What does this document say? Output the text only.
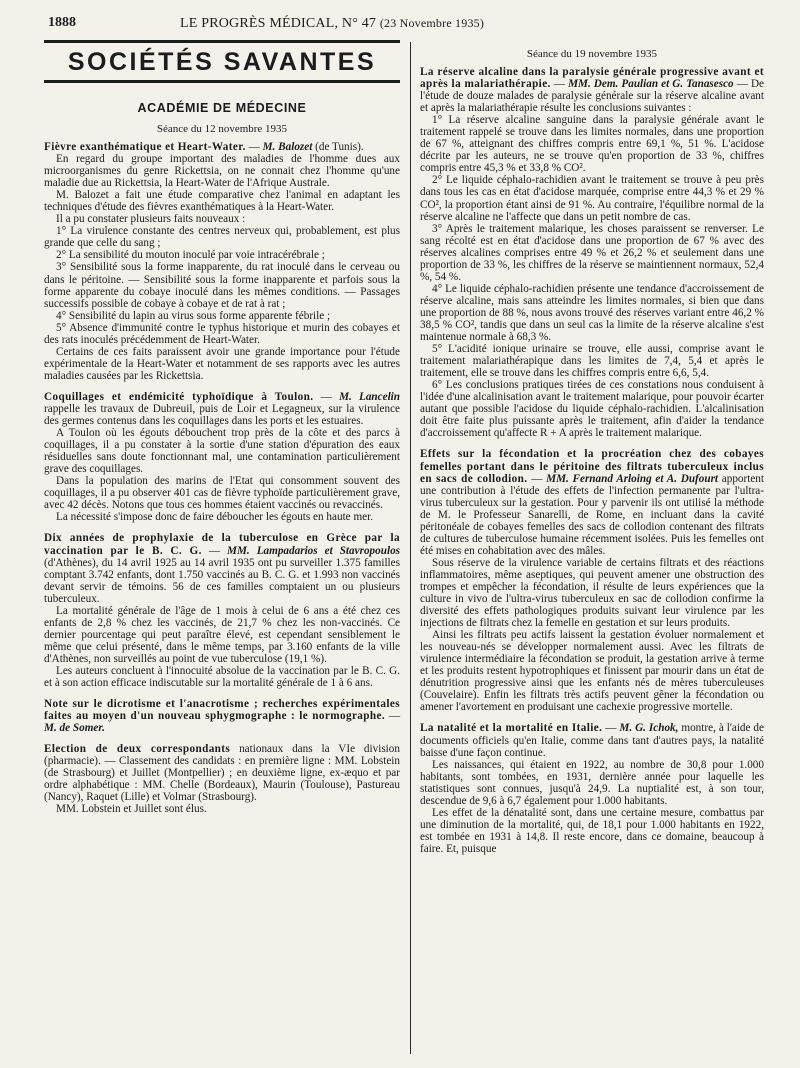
1888	LE PROGRÈS MÉDICAL, N° 47 (23 Novembre 1935)
SOCIÉTÉS SAVANTES
ACADÉMIE DE MÉDECINE
Séance du 12 novembre 1935

Fièvre exanthématique et Heart-Water. — M. Balozet (de Tunis).

En regard du groupe important des maladies de l'homme dues aux microorganismes du genre Rickettsia, on ne connait chez l'homme qu'une maladie due au Rickettsia, la Heart-Water de l'Afrique Australe.

M. Balozet a fait une étude comparative chez l'animal en adaptant les techniques d'étude des fièvres exanthématiques à la Heart-Water.

Il a pu constater plusieurs faits nouveaux :

1° La virulence constante des centres nerveux qui, probablement, est plus grande que celle du sang ;

2° La sensibilité du mouton inoculé par voie intracérébrale ;

3° Sensibilité sous la forme inapparente, du rat inoculé dans le cerveau ou dans le péritoine. — Sensibilité sous la forme inapparente et parfois sous la forme apparente du cobaye inoculé dans les mêmes conditions. — Passages successifs possible de cobaye à cobaye et de rat à rat ;

4° Sensibilité du lapin au virus sous forme apparente fébrile ;

5° Absence d'immunité contre le typhus historique et murin des cobayes et des rats inoculés précédemment de Heart-Water.

Certains de ces faits paraissent avoir une grande importance pour l'étude expérimentale de la Heart-Water et notamment de ses rapports avec les autres maladies causées par les Rickettsia.

Coquillages et endémicité typhoïdique à Toulon. — M. Lancelin rappelle les travaux de Dubreuil, puis de Loir et Legagneux, sur la virulence des germes contenus dans les coquillages dans les ports et les estuaires.

A Toulon où les égouts débouchent trop près de la côte et des parcs à coquillages, il a pu constater à la sortie d'une station d'épuration des eaux résiduelles sans doute fonctionnant mal, une contamination particulièrement grave des coquillages.

Dans la population des marins de l'Etat qui consomment souvent des coquillages, il a pu observer 401 cas de fièvre typhoïde particulièrement grave, avec 42 décès. Notons que tous ces hommes étaient vaccinés ou revaccinés.

La nécessité s'impose donc de faire déboucher les égouts en haute mer.

Dix années de prophylaxie de la tuberculose en Grèce par la vaccination par le B. C. G. — MM. Lampadarios et Stavropoulos (d'Athènes), du 14 avril 1925 au 14 avril 1935 ont pu surveiller 1.375 familles comptant 3.742 enfants, dont 1.750 vaccinés au B. C. G. et 1.993 non vaccinés devant servir de témoins. 56 de ces familles comptaient un ou plusieurs tuberculeux.

La mortalité générale de l'âge de 1 mois à celui de 6 ans a été chez ces enfants de 2,8 % chez les vaccinés, de 21,7 % chez les non-vaccinés. Ce dernier pourcentage qui peut paraître élevé, est cependant sensiblement le même que celui présenté, dans le même temps, par 3.160 enfants de la ville d'Athènes, non surveillés au point de vue tuberculose (19,1 %).

Les auteurs concluent à l'innocuité absolue de la vaccination par le B. C. G. et à son action efficace indiscutable sur la mortalité générale de 1 à 6 ans.

Note sur le dicrotisme et l'anacrotisme ; recherches expérimentales faites au moyen d'un nouveau sphygmographe : le normographe. — M. de Somer.

Election de deux correspondants nationaux dans la VIe division (pharmacie). — Classement des candidats : en première ligne : MM. Lobstein (de Strasbourg) et Juillet (Montpellier) ; en deuxième ligne, ex-æquo et par ordre alphabétique : MM. Chelle (Bordeaux), Maurin (Toulouse), Pastureau (Nancy), Raquet (Lille) et Volmar (Strasbourg).

MM. Lobstein et Juillet sont élus.

Séance du 19 novembre 1935

La réserve alcaline dans la paralysie générale progressive avant et après la malariathérapie. — MM. Dem. Paulian et G. Tanasesco — De l'étude de douze malades de paralysie générale sur la réserve alcaline avant et après la malariathérapie résulte les conclusions suivantes :

1° La réserve alcaline sanguine dans la paralysie générale avant le traitement rappelé se trouve dans les limites normales, dans une proportion de 67 %, atteignant des chiffres compris entre 69,1 %, 51 %. L'acidose décrite par les auteurs, ne se trouve qu'en proportion de 33 %, chiffres compris entre 45,3 % et 33,8 % CO².

2° Le liquide céphalo-rachidien avant le traitement se trouve à peu près dans tous les cas en état d'acidose marquée, comprise entre 44,3 % et 29 % CO², la proportion étant ainsi de 91 %. Au contraire, l'équilibre normal de la réserve alcaline ne l'affecte que dans un petit nombre de cas.

3° Après le traitement malarique, les choses paraissent se renverser. Le sang récolté est en état d'acidose dans une proportion de 67 % avec des réserves alcalines comprises entre 49 % et 26,2 % et seulement dans une proportion de 33 %, les chiffres de la réserve se maintiennent normaux, 52,4 %, 54 %.

4° Le liquide céphalo-rachidien présente une tendance d'accroissement de réserve alcaline, mais sans atteindre les limites normales, si bien que dans une proportion de 88 %, nous avons trouvé des réserves variant entre 46,2 % 38,5 % CO², tandis que dans un seul cas la limite de la réserve alcaline s'est maintenue normale à 68,3 %.

5° L'acidité ionique urinaire se trouve, elle aussi, comprise avant le traitement malariathérapique dans les limites de 7,4, 5,4 et après le traitement, elle se trouve dans les chiffres compris entre 6,6, 5,4.

6° Les conclusions pratiques tirées de ces constations nous conduisent à l'idée d'une alcalinisation avant le traitement malarique, pour pouvoir écarter autant que possible l'acidose du liquide céphalo-rachidien. L'alcalinisation doit être faite plus puissante après le traitement, afin d'aider la tendance d'accroissement qu'affecte R + A après le traitement malarique.

Effets sur la fécondation et la procréation chez des cobayes femelles portant dans le péritoine des filtrats tuberculeux inclus en sacs de collodion. — MM. Fernand Arloing et A. Dufourt apportent une contribution à l'étude des effets de l'infection permanente par l'ultra-virus tuberculeux sur la gestation. Pour y parvenir ils ont utilisé la méthode de M. le Professeur Sanarelli, de Rome, en incluant dans la cavité péritonéale de cobayes femelles des sacs de collodion contenant des filtrats de cultures de tuberculose humaine récemment isolées. Puis les femelles ont été mises en cohabitation avec des mâles.

Sous réserve de la virulence variable de certains filtrats et des réactions inflammatoires, même aseptiques, qui peuvent amener une obstruction des trompes et empêcher la fécondation, il résulte de leurs expériences que la culture in vivo de l'ultra-virus tuberculeux en sac de collodion confirme la diversité des effets pathologiques produits suivant leur virulence par les injections de filtrats chez la femelle en gestation et sur leurs produits.

Ainsi les filtrats peu actifs laissent la gestation évoluer normalement et les nouveau-nés se développer normalement aussi. Avec les filtrats de virulence intermédiaire la fécondation se produit, la gestation arrive à terme et les produits restent hypotrophiques et finissent par mourir dans un état de dénutrition progressive ainsi que les enfants nés de mères tuberculeuses (Couvelaire). Enfin les filtrats très actifs peuvent gêner la fécondation ou amener l'avortement en produisant une cachexie progressive mortelle.

La natalité et la mortalité en Italie. — M. G. Ichok, montre, à l'aide de documents officiels qu'en Italie, comme dans tant d'autres pays, la natalité baisse d'une façon continue.

Les naissances, qui étaient en 1922, au nombre de 30,8 pour 1.000 habitants, sont tombées, en 1931, dernière année pour laquelle les statistiques sont connues, jusqu'à 24,9. La nuptialité est, à son tour, descendue de 9,6 à 6,7 également pour 1.000 habitants.

Les effet de la dénatalité sont, dans une certaine mesure, combattus par une diminution de la mortalité, qui, de 18,1 pour 1.000 habitants en 1922, est tombée en 1931 à 14,8. Il reste encore, dans ce domaine, beaucoup à faire. Et, puisque
